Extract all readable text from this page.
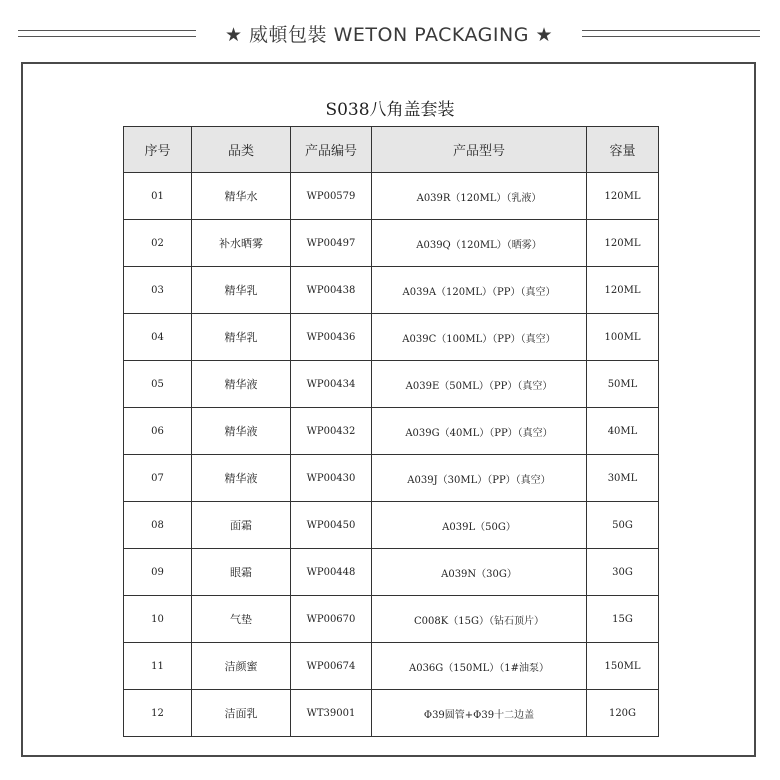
★ 威頓包裝 WETON PACKAGING ★
S038八角盖套装
序号	品类	产品编号	产品型号	容量
01	精华水	WP00579	A039R（120ML）（乳液）	120ML
02	补水晒雾	WP00497	A039Q（120ML）（晒雾）	120ML
03	精华乳	WP00438	A039A（120ML）（PP）（真空）	120ML
04	精华乳	WP00436	A039C（100ML）（PP）（真空）	100ML
05	精华液	WP00434	A039E（50ML）（PP）（真空）	50ML
06	精华液	WP00432	A039G（40ML）（PP）（真空）	40ML
07	精华液	WP00430	A039J（30ML）（PP）（真空）	30ML
08	面霜	WP00450	A039L（50G）	50G
09	眼霜	WP00448	A039N（30G）	30G
10	气垫	WP00670	C008K（15G）（钻石顶片）	15G
11	洁颜蜜	WP00674	A036G（150ML）（1#油泵）	150ML
12	洁面乳	WT39001	Φ39圆管+Φ39十二边盖	120G
